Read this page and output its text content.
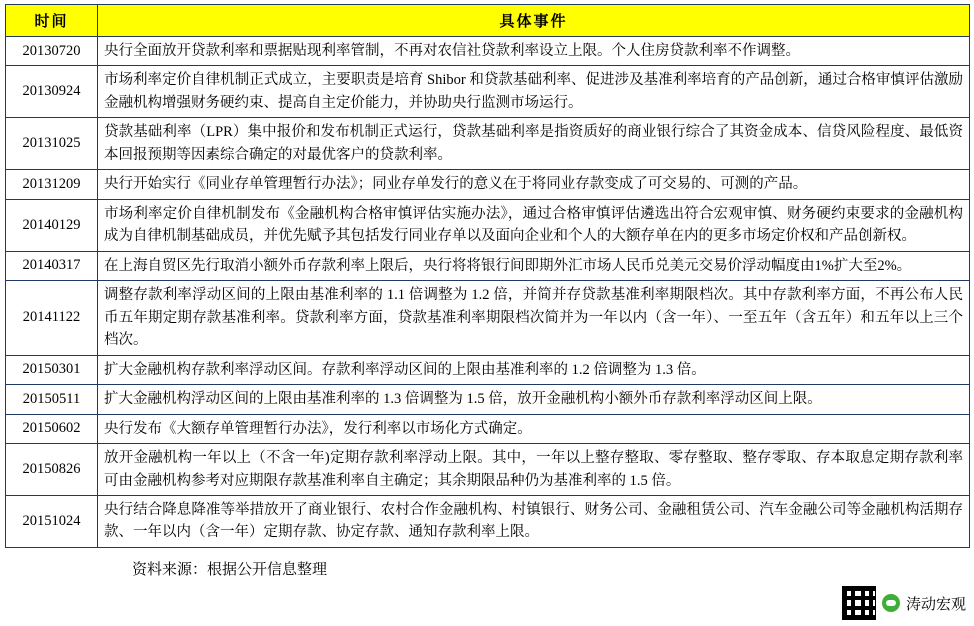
时间	具体事件
20130720	央行全面放开贷款利率和票据贴现利率管制，不再对农信社贷款利率设立上限。个人住房贷款利率不作调整。
20130924	市场利率定价自律机制正式成立，主要职责是培育 Shibor 和贷款基础利率、促进涉及基准利率培育的产品创新，通过合格审慎评估激励金融机构增强财务硬约束、提高自主定价能力，并协助央行监测市场运行。
20131025	贷款基础利率（LPR）集中报价和发布机制正式运行，贷款基础利率是指资质好的商业银行综合了其资金成本、信贷风险程度、最低资本回报预期等因素综合确定的对最优客户的贷款利率。
20131209	央行开始实行《同业存单管理暂行办法》；同业存单发行的意义在于将同业存款变成了可交易的、可测的产品。
20140129	市场利率定价自律机制发布《金融机构合格审慎评估实施办法》，通过合格审慎评估遴选出符合宏观审慎、财务硬约束要求的金融机构成为自律机制基础成员，并优先赋予其包括发行同业存单以及面向企业和个人的大额存单在内的更多市场定价权和产品创新权。
20140317	在上海自贸区先行取消小额外币存款利率上限后，央行将将银行间即期外汇市场人民币兑美元交易价浮动幅度由1%扩大至2%。
20141122	调整存款利率浮动区间的上限由基准利率的 1.1 倍调整为 1.2 倍，并简并存贷款基准利率期限档次。其中存款利率方面，不再公布人民币五年期定期存款基准利率。贷款利率方面，贷款基准利率期限档次简并为一年以内（含一年）、一至五年（含五年）和五年以上三个档次。
20150301	扩大金融机构存款利率浮动区间。存款利率浮动区间的上限由基准利率的 1.2 倍调整为 1.3 倍。
20150511	扩大金融机构浮动区间的上限由基准利率的 1.3 倍调整为 1.5 倍，放开金融机构小额外币存款利率浮动区间上限。
20150602	央行发布《大额存单管理暂行办法》，发行利率以市场化方式确定。
20150826	放开金融机构一年以上（不含一年)定期存款利率浮动上限。其中，一年以上整存整取、零存整取、整存零取、存本取息定期存款利率可由金融机构参考对应期限存款基准利率自主确定；其余期限品种仍为基准利率的 1.5 倍。
20151024	央行结合降息降准等举措放开了商业银行、农村合作金融机构、村镇银行、财务公司、金融租赁公司、汽车金融公司等金融机构活期存款、一年以内（含一年）定期存款、协定存款、通知存款利率上限。
资料来源：根据公开信息整理
涛动宏观
